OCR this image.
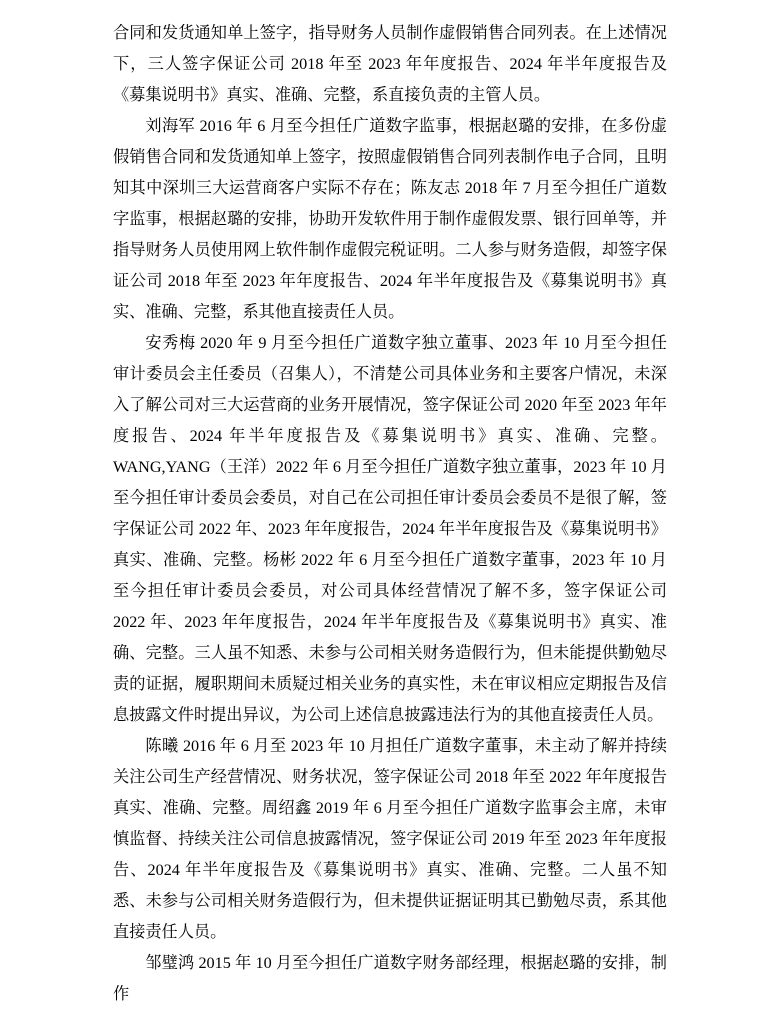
合同和发货通知单上签字，指导财务人员制作虚假销售合同列表。在上述情况下，三人签字保证公司 2018 年至 2023 年年度报告、2024 年半年度报告及《募集说明书》真实、准确、完整，系直接负责的主管人员。

刘海军 2016 年 6 月至今担任广道数字监事，根据赵璐的安排，在多份虚假销售合同和发货通知单上签字，按照虚假销售合同列表制作电子合同，且明知其中深圳三大运营商客户实际不存在；陈友志 2018 年 7 月至今担任广道数字监事，根据赵璐的安排，协助开发软件用于制作虚假发票、银行回单等，并指导财务人员使用网上软件制作虚假完税证明。二人参与财务造假，却签字保证公司 2018 年至 2023 年年度报告、2024 年半年度报告及《募集说明书》真实、准确、完整，系其他直接责任人员。

安秀梅 2020 年 9 月至今担任广道数字独立董事、2023 年 10 月至今担任审计委员会主任委员（召集人），不清楚公司具体业务和主要客户情况，未深入了解公司对三大运营商的业务开展情况，签字保证公司 2020 年至 2023 年年度报告、2024 年半年度报告及《募集说明书》真实、准确、完整。WANG,YANG（王洋）2022 年 6 月至今担任广道数字独立董事，2023 年 10 月至今担任审计委员会委员，对自己在公司担任审计委员会委员不是很了解，签字保证公司 2022 年、2023 年年度报告，2024 年半年度报告及《募集说明书》真实、准确、完整。杨彬 2022 年 6 月至今担任广道数字董事，2023 年 10 月至今担任审计委员会委员，对公司具体经营情况了解不多，签字保证公司 2022 年、2023 年年度报告，2024 年半年度报告及《募集说明书》真实、准确、完整。三人虽不知悉、未参与公司相关财务造假行为，但未能提供勤勉尽责的证据，履职期间未质疑过相关业务的真实性，未在审议相应定期报告及信息披露文件时提出异议，为公司上述信息披露违法行为的其他直接责任人员。

陈曦 2016 年 6 月至 2023 年 10 月担任广道数字董事，未主动了解并持续关注公司生产经营情况、财务状况，签字保证公司 2018 年至 2022 年年度报告真实、准确、完整。周绍鑫 2019 年 6 月至今担任广道数字监事会主席，未审慎监督、持续关注公司信息披露情况，签字保证公司 2019 年至 2023 年年度报告、2024 年半年度报告及《募集说明书》真实、准确、完整。二人虽不知悉、未参与公司相关财务造假行为，但未提供证据证明其已勤勉尽责，系其他直接责任人员。

邹璧鸿 2015 年 10 月至今担任广道数字财务部经理，根据赵璐的安排，制作
